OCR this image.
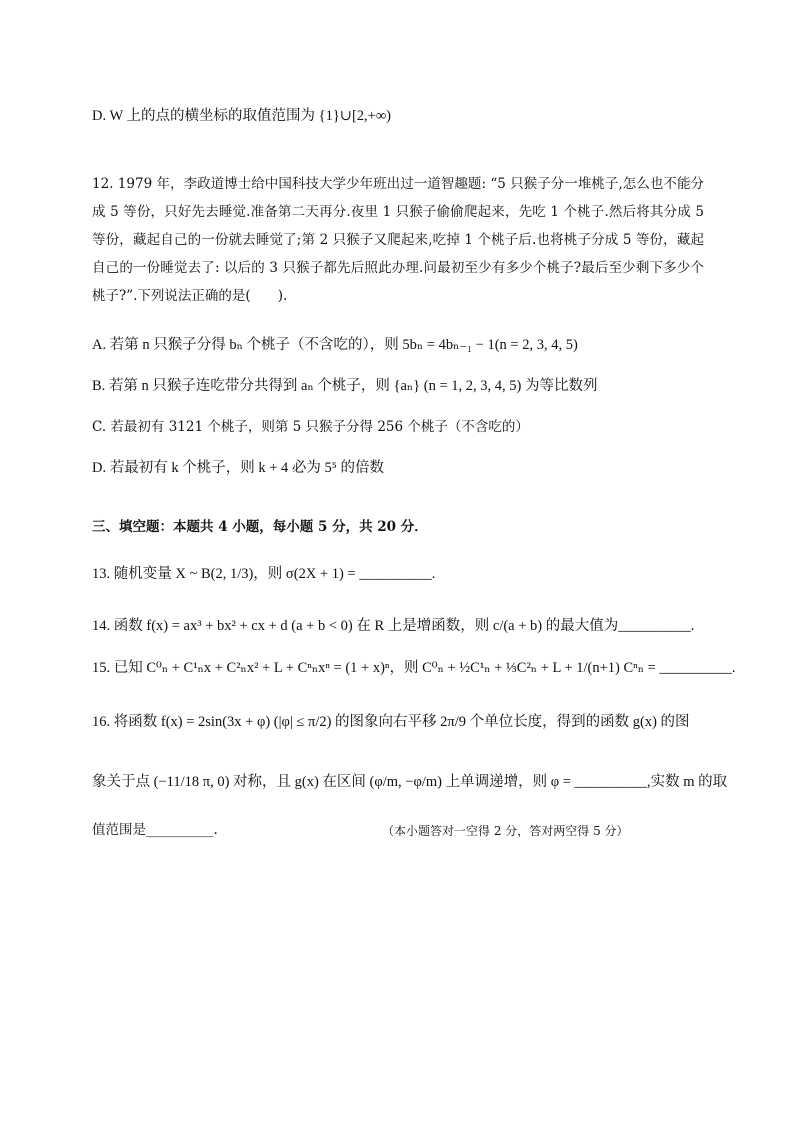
D. W 上的点的横坐标的取值范围为 {1}∪[2,+∞)
12. 1979 年，李政道博士给中国科技大学少年班出过一道智趣题: “5 只猴子分一堆桃子,怎么也不能分成 5 等份，只好先去睡觉.准备第二天再分.夜里 1 只猴子偷偷爬起来，先吃 1 个桃子.然后将其分成 5 等份，藏起自己的一份就去睡觉了;第 2 只猴子又爬起来,吃掉 1 个桃子后.也将桃子分成 5 等份，藏起自己的一份睡觉去了: 以后的 3 只猴子都先后照此办理.问最初至少有多少个桃子?最后至少剩下多少个桃子?”.下列说法正确的是(　　).
A. 若第 n 只猴子分得 bₙ 个桃子（不含吃的），则 5bₙ = 4bₙ₋₁ − 1(n = 2, 3, 4, 5)
B. 若第 n 只猴子连吃带分共得到 aₙ 个桃子，则 {aₙ} (n = 1, 2, 3, 4, 5) 为等比数列
C. 若最初有 3121 个桃子，则第 5 只猴子分得 256 个桃子（不含吃的）
D. 若最初有 k 个桃子，则 k + 4 必为 5⁵ 的倍数
三、填空题：本题共 4 小题，每小题 5 分，共 20 分．
13. 随机变量 X ~ B(2, 1/3)，则 σ(2X + 1) = __________.
14. 函数 f(x) = ax³ + bx² + cx + d (a + b < 0) 在 R 上是增函数，则 c/(a + b) 的最大值为__________.
15. 已知 C⁰ₙ + C¹ₙx + C²ₙx² + L + Cⁿₙxⁿ = (1 + x)ⁿ，则 C⁰ₙ + ½C¹ₙ + ⅓C²ₙ + L + 1/(n+1) Cⁿₙ = __________.
16. 将函数 f(x) = 2sin(3x + φ) (|φ| ≤ π/2) 的图象向右平移 2π/9 个单位长度，得到的函数 g(x) 的图
象关于点 (−11/18 π, 0) 对称，且 g(x) 在区间 (φ/m, −φ/m) 上单调递增，则 φ = __________,实数 m 的取
值范围是__________.	（本小题答对一空得 2 分，答对两空得 5 分）
